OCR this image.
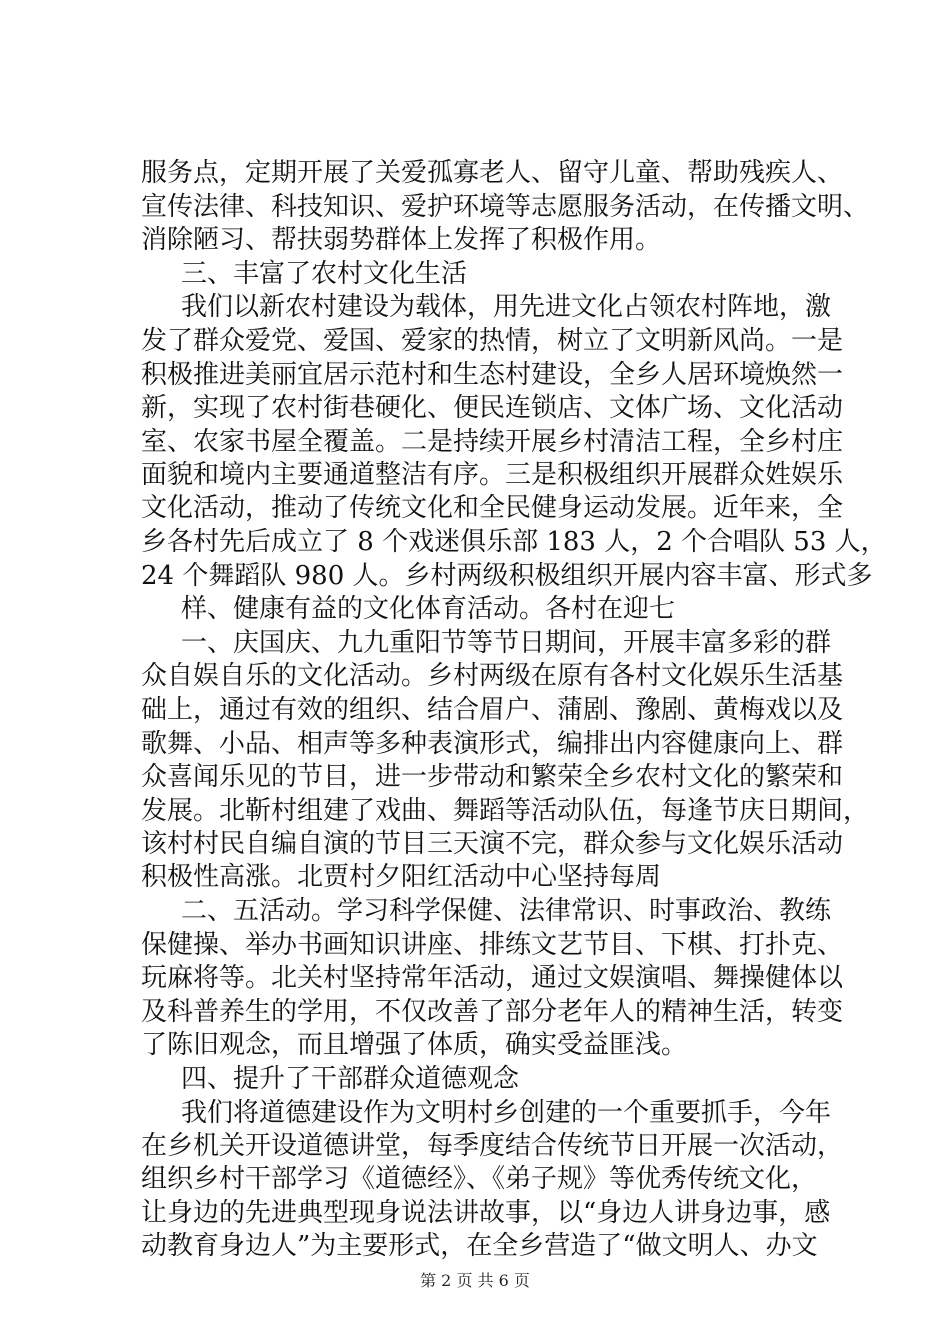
服务点，定期开展了关爱孤寡老人、留守儿童、帮助残疾人、
宣传法律、科技知识、爱护环境等志愿服务活动，在传播文明、
消除陋习、帮扶弱势群体上发挥了积极作用。
三、丰富了农村文化生活
我们以新农村建设为载体，用先进文化占领农村阵地，激
发了群众爱党、爱国、爱家的热情，树立了文明新风尚。一是
积极推进美丽宜居示范村和生态村建设，全乡人居环境焕然一
新，实现了农村街巷硬化、便民连锁店、文体广场、文化活动
室、农家书屋全覆盖。二是持续开展乡村清洁工程，全乡村庄
面貌和境内主要通道整洁有序。三是积极组织开展群众姓娱乐
文化活动，推动了传统文化和全民健身运动发展。近年来，全
乡各村先后成立了 8 个戏迷俱乐部 183 人，2 个合唱队 53 人，
24 个舞蹈队 980 人。乡村两级积极组织开展内容丰富、形式多
样、健康有益的文化体育活动。各村在迎七
一、庆国庆、九九重阳节等节日期间，开展丰富多彩的群
众自娱自乐的文化活动。乡村两级在原有各村文化娱乐生活基
础上，通过有效的组织、结合眉户、蒲剧、豫剧、黄梅戏以及
歌舞、小品、相声等多种表演形式，编排出内容健康向上、群
众喜闻乐见的节目，进一步带动和繁荣全乡农村文化的繁荣和
发展。北靳村组建了戏曲、舞蹈等活动队伍，每逢节庆日期间，
该村村民自编自演的节目三天演不完，群众参与文化娱乐活动
积极性高涨。北贾村夕阳红活动中心坚持每周
二、五活动。学习科学保健、法律常识、时事政治、教练
保健操、举办书画知识讲座、排练文艺节目、下棋、打扑克、
玩麻将等。北关村坚持常年活动，通过文娱演唱、舞操健体以
及科普养生的学用，不仅改善了部分老年人的精神生活，转变
了陈旧观念，而且增强了体质，确实受益匪浅。
四、提升了干部群众道德观念
我们将道德建设作为文明村乡创建的一个重要抓手，今年
在乡机关开设道德讲堂，每季度结合传统节日开展一次活动，
组织乡村干部学习《道德经》、《弟子规》等优秀传统文化，
让身边的先进典型现身说法讲故事，以“身边人讲身边事，感
动教育身边人”为主要形式，在全乡营造了“做文明人、办文
第 2 页 共 6 页
